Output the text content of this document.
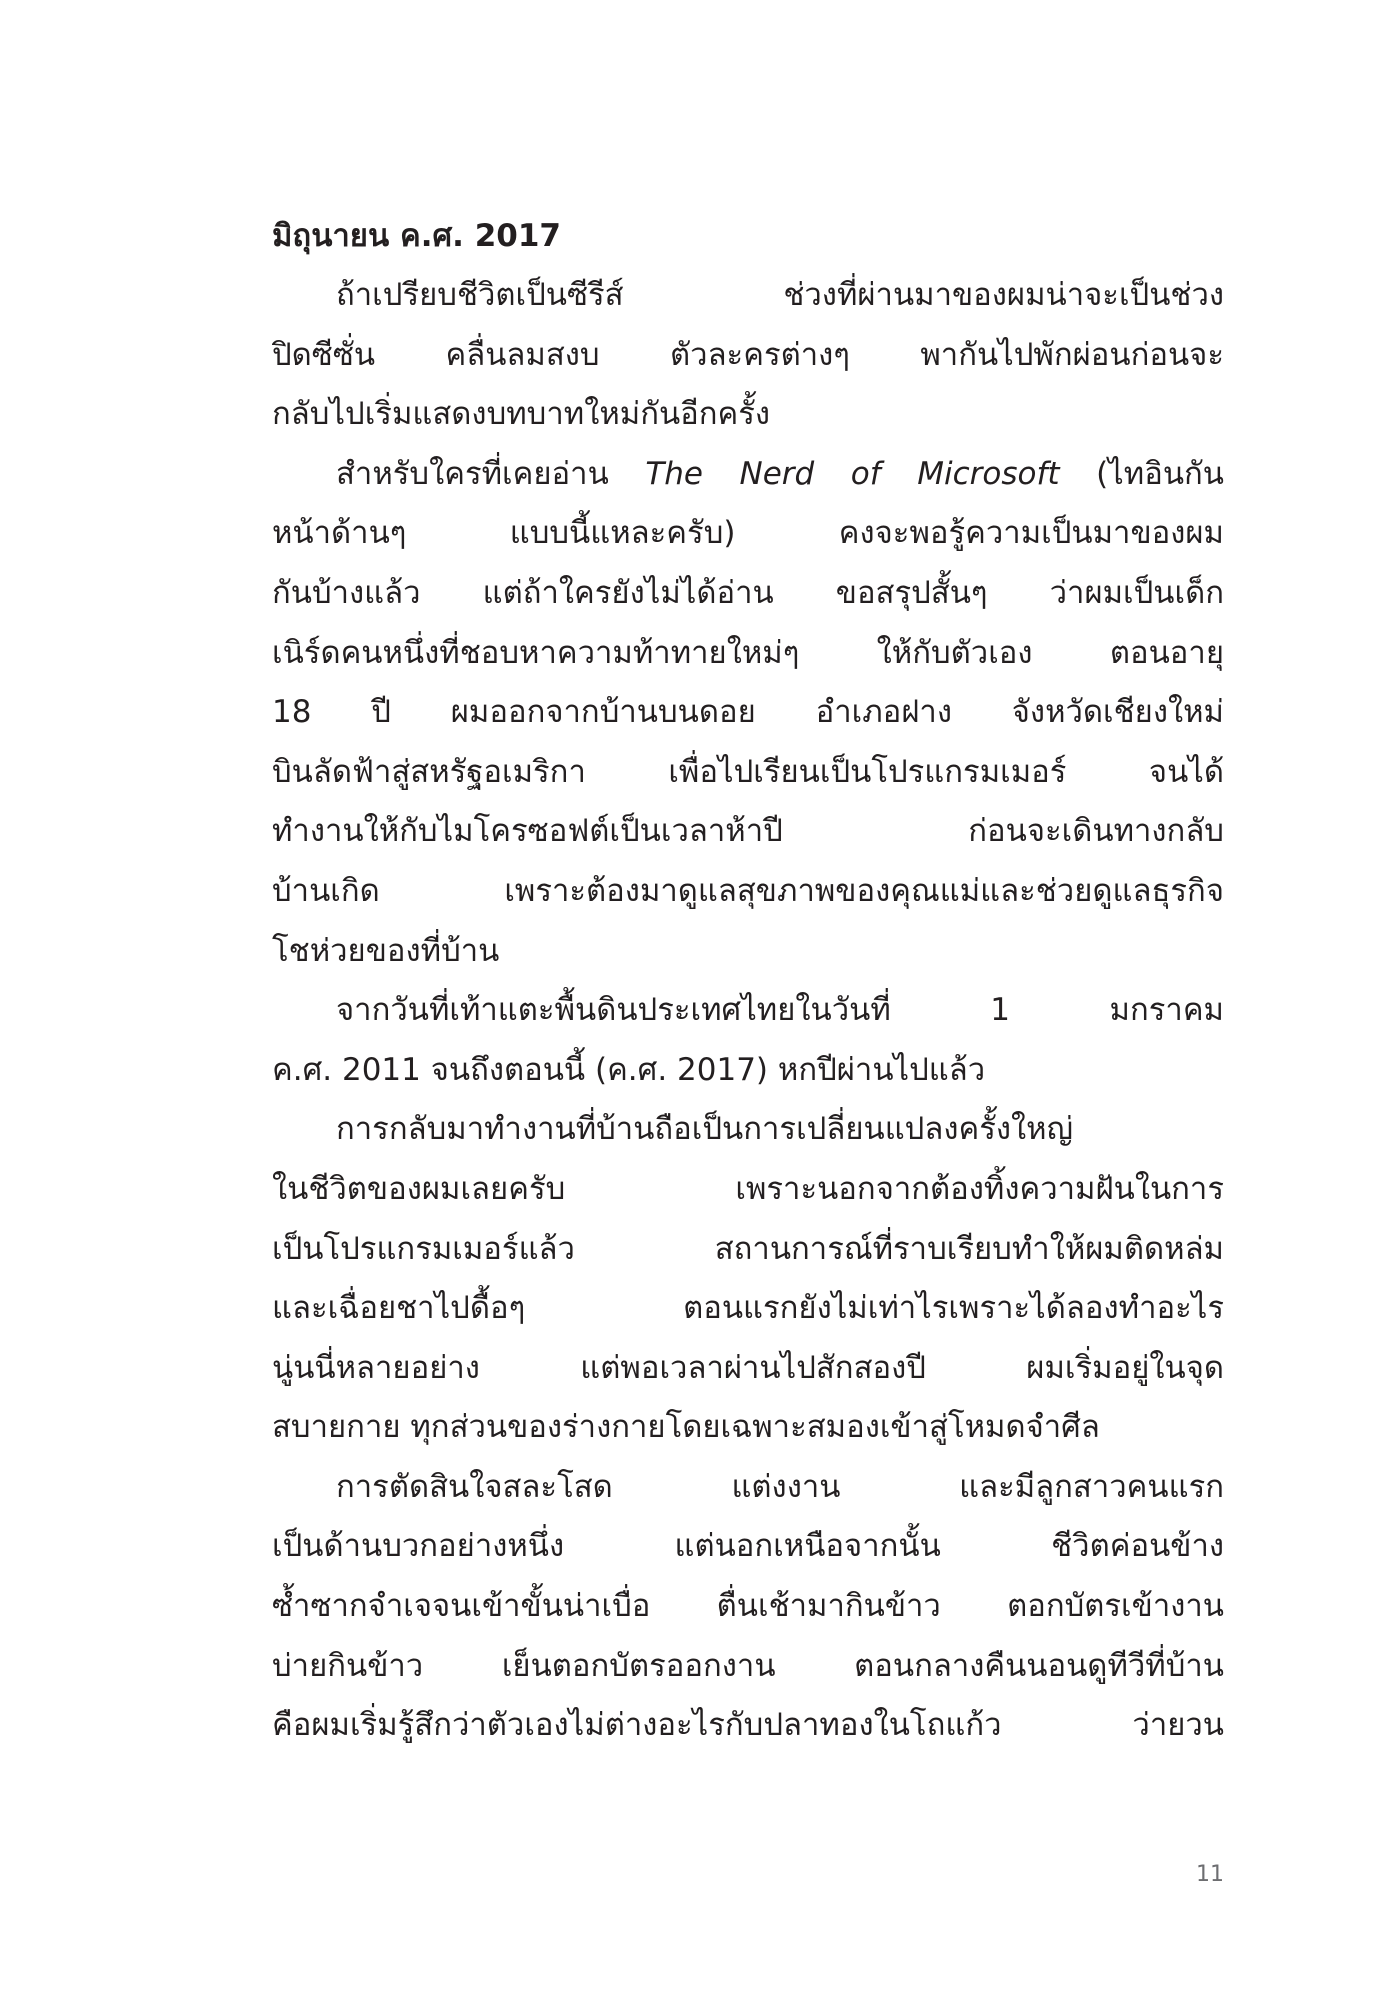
มิถุนายน ค.ศ. 2017
ถ้าเปรียบชีวิตเป็นซีรีส์ ช่วงที่ผ่านมาของผมน่าจะเป็นช่วง
ปิดซีซั่น คลื่นลมสงบ ตัวละครต่างๆ พากันไปพักผ่อนก่อนจะ
กลับไปเริ่มแสดงบทบาทใหม่กันอีกครั้ง
สำหรับใครที่เคยอ่าน The Nerd of Microsoft (ไทอินกัน
หน้าด้านๆ แบบนี้แหละครับ) คงจะพอรู้ความเป็นมาของผม
กันบ้างแล้ว แต่ถ้าใครยังไม่ได้อ่าน ขอสรุปสั้นๆ ว่าผมเป็นเด็ก
เนิร์ดคนหนึ่งที่ชอบหาความท้าทายใหม่ๆ ให้กับตัวเอง ตอนอายุ
18 ปี ผมออกจากบ้านบนดอย อำเภอฝาง จังหวัดเชียงใหม่
บินลัดฟ้าสู่สหรัฐอเมริกา เพื่อไปเรียนเป็นโปรแกรมเมอร์ จนได้
ทำงานให้กับไมโครซอฟต์เป็นเวลาห้าปี ก่อนจะเดินทางกลับ
บ้านเกิด เพราะต้องมาดูแลสุขภาพของคุณแม่และช่วยดูแลธุรกิจ
โชห่วยของที่บ้าน
จากวันที่เท้าแตะพื้นดินประเทศไทยในวันที่ 1 มกราคม
ค.ศ. 2011 จนถึงตอนนี้ (ค.ศ. 2017) หกปีผ่านไปแล้ว
การกลับมาทำงานที่บ้านถือเป็นการเปลี่ยนแปลงครั้งใหญ่
ในชีวิตของผมเลยครับ เพราะนอกจากต้องทิ้งความฝันในการ
เป็นโปรแกรมเมอร์แล้ว สถานการณ์ที่ราบเรียบทำให้ผมติดหล่ม
และเฉื่อยชาไปดื้อๆ ตอนแรกยังไม่เท่าไรเพราะได้ลองทำอะไร
นู่นนี่หลายอย่าง แต่พอเวลาผ่านไปสักสองปี ผมเริ่มอยู่ในจุด
สบายกาย ทุกส่วนของร่างกายโดยเฉพาะสมองเข้าสู่โหมดจำศีล
การตัดสินใจสละโสด แต่งงาน และมีลูกสาวคนแรก
เป็นด้านบวกอย่างหนึ่ง แต่นอกเหนือจากนั้น ชีวิตค่อนข้าง
ซ้ำซากจำเจจนเข้าขั้นน่าเบื่อ ตื่นเช้ามากินข้าว ตอกบัตรเข้างาน
บ่ายกินข้าว เย็นตอกบัตรออกงาน ตอนกลางคืนนอนดูทีวีที่บ้าน
คือผมเริ่มรู้สึกว่าตัวเองไม่ต่างอะไรกับปลาทองในโถแก้ว ว่ายวน
11
